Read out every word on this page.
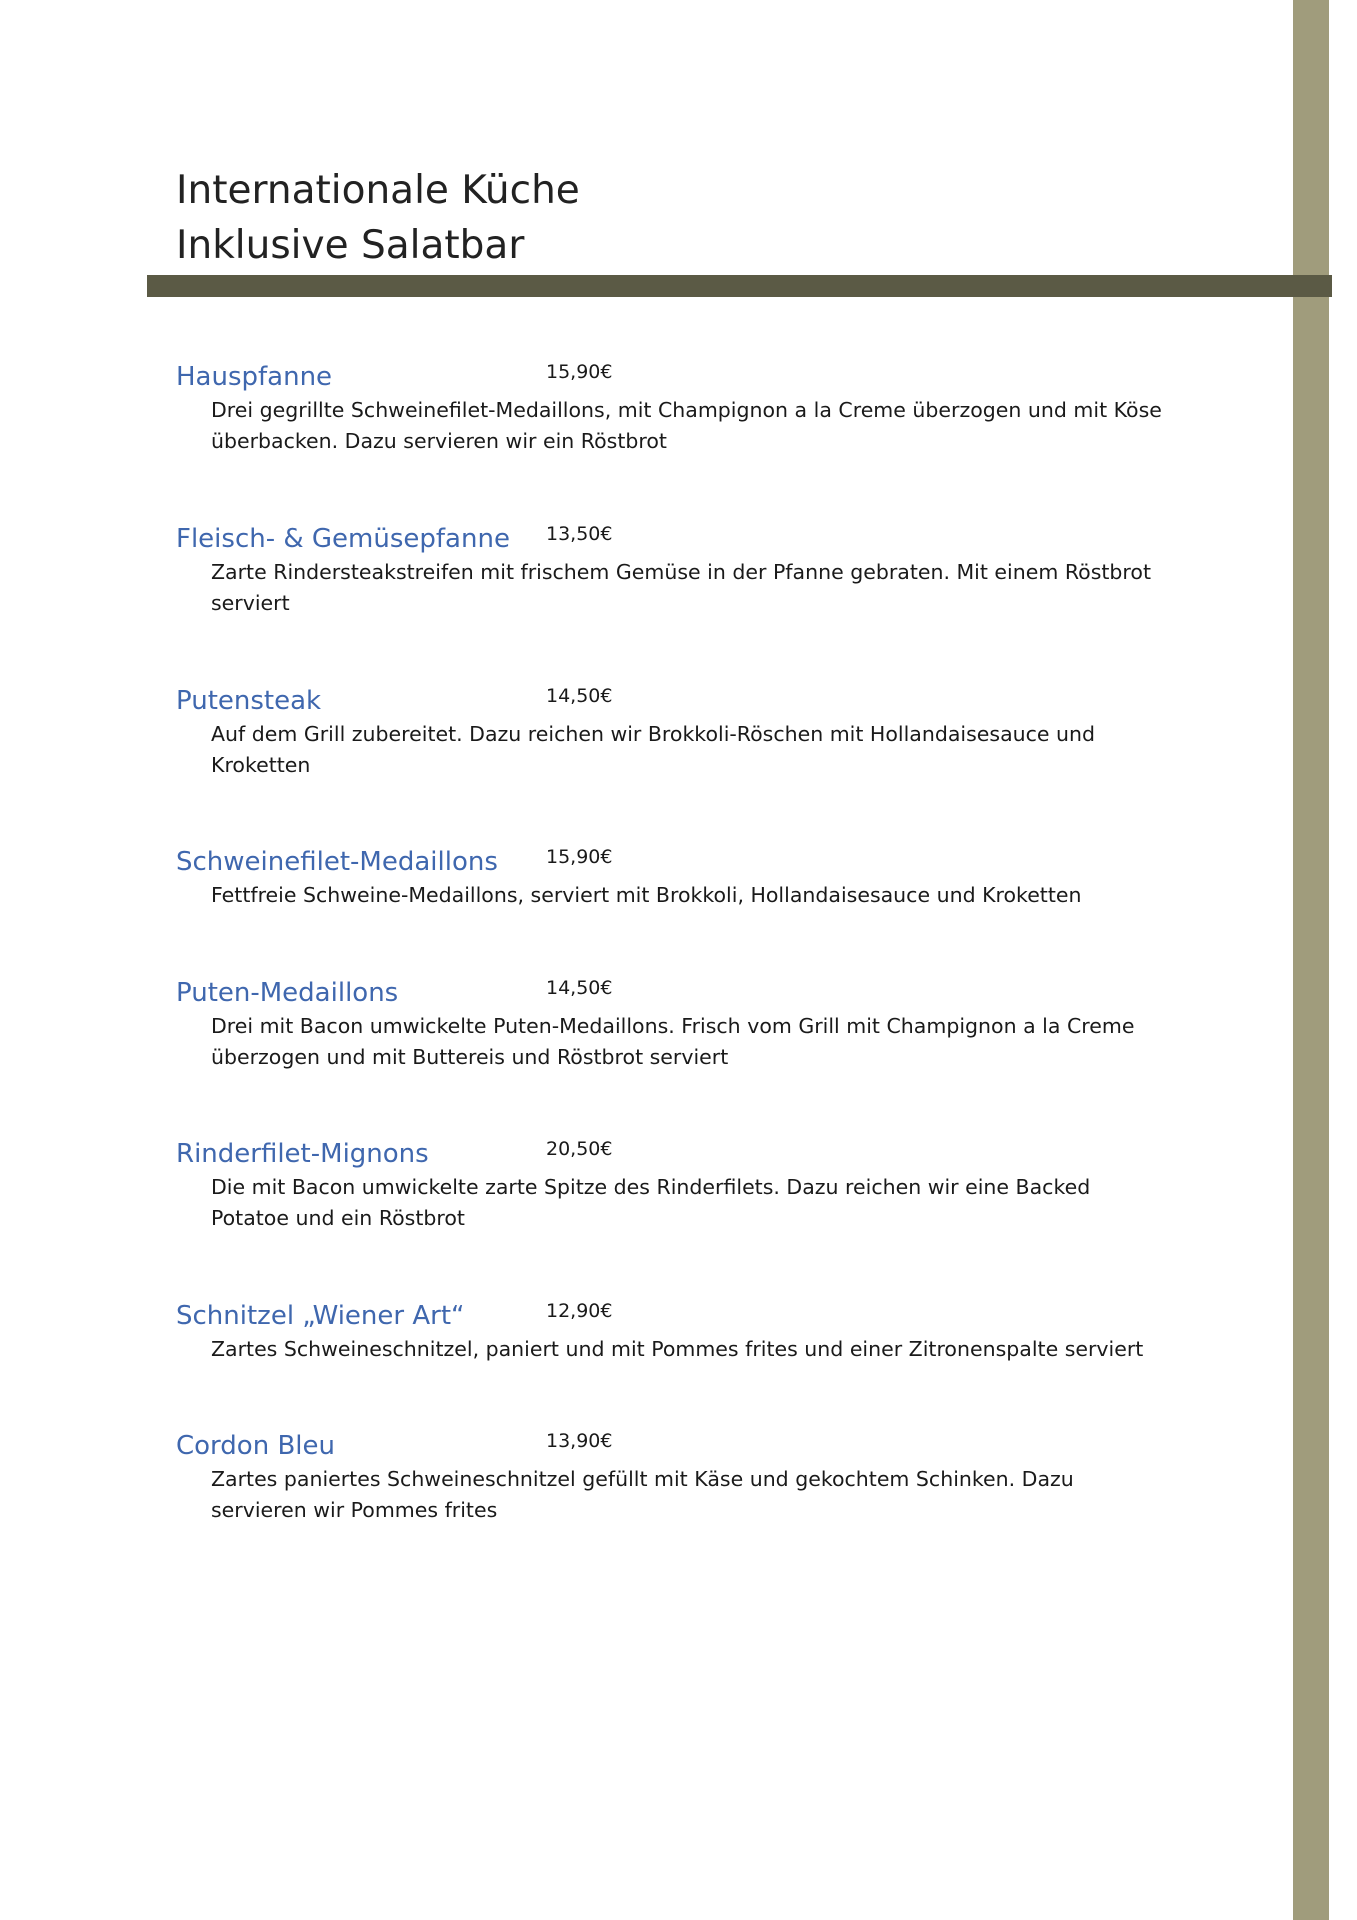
Internationale Küche
Inklusive Salatbar
Hauspfanne	15,90€

Drei gegrillte Schweinefilet-Medaillons, mit Champignon a la Creme überzogen und mit Köse überbacken. Dazu servieren wir ein Röstbrot

Fleisch- & Gemüsepfanne 13,50€

Zarte Rindersteakstreifen mit frischem Gemüse in der Pfanne gebraten. Mit einem Röstbrot serviert

Putensteak	14,50€

Auf dem Grill zubereitet. Dazu reichen wir Brokkoli-Röschen mit Hollandaisesauce und Kroketten

Schweinefilet-Medaillons	15,90€

Fettfreie Schweine-Medaillons, serviert mit Brokkoli, Hollandaisesauce und Kroketten

Puten-Medaillons	14,50€

Drei mit Bacon umwickelte Puten-Medaillons. Frisch vom Grill mit Champignon a la Creme überzogen und mit Buttereis und Röstbrot serviert

Rinderfilet-Mignons	20,50€

Die mit Bacon umwickelte zarte Spitze des Rinderfilets. Dazu reichen wir eine Backed Potatoe und ein Röstbrot

Schnitzel „Wiener Art“	12,90€

Zartes Schweineschnitzel, paniert und mit Pommes frites und einer Zitronenspalte serviert

Cordon Bleu	13,90€

Zartes paniertes Schweineschnitzel gefüllt mit Käse und gekochtem Schinken. Dazu servieren wir Pommes frites
